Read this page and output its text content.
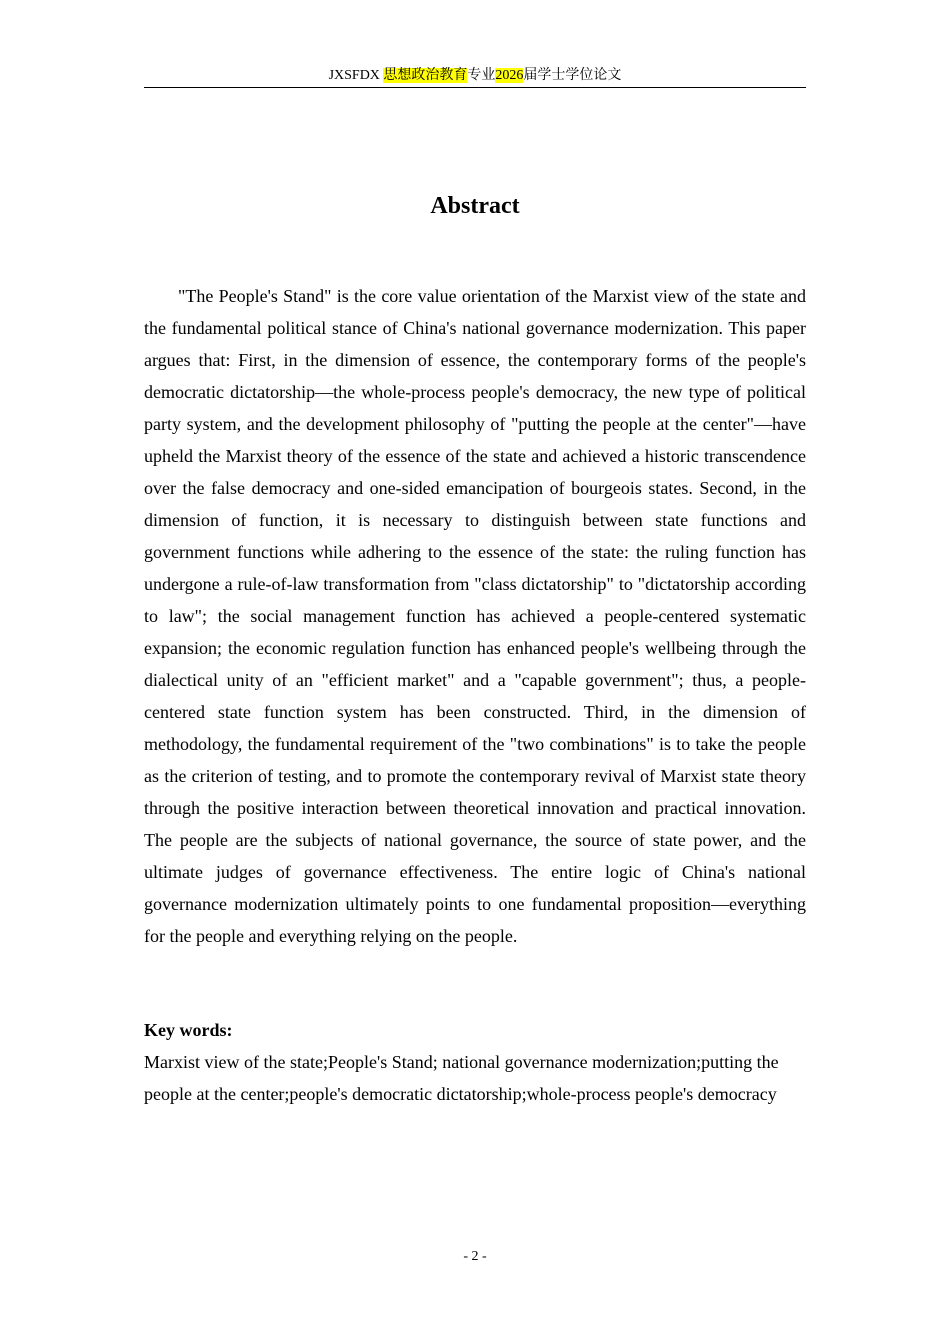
JXSFDX 思想政治教育专业2026届学士学位论文
Abstract

"The People's Stand" is the core value orientation of the Marxist view of the state and the fundamental political stance of China's national governance modernization. This paper argues that: First, in the dimension of essence, the contemporary forms of the people's democratic dictatorship—the whole-process people's democracy, the new type of political party system, and the development philosophy of "putting the people at the center"—have upheld the Marxist theory of the essence of the state and achieved a historic transcendence over the false democracy and one-sided emancipation of bourgeois states. Second, in the dimension of function, it is necessary to distinguish between state functions and government functions while adhering to the essence of the state: the ruling function has undergone a rule-of-law transformation from "class dictatorship" to "dictatorship according to law"; the social management function has achieved a people-centered systematic expansion; the economic regulation function has enhanced people's wellbeing through the dialectical unity of an "efficient market" and a "capable government"; thus, a people-centered state function system has been constructed. Third, in the dimension of methodology, the fundamental requirement of the "two combinations" is to take the people as the criterion of testing, and to promote the contemporary revival of Marxist state theory through the positive interaction between theoretical innovation and practical innovation. The people are the subjects of national governance, the source of state power, and the ultimate judges of governance effectiveness. The entire logic of China's national governance modernization ultimately points to one fundamental proposition—everything for the people and everything relying on the people.

Key words:

Marxist view of the state;People's Stand; national governance modernization;putting the people at the center;people's democratic dictatorship;whole-process people's democracy

- 2 -
